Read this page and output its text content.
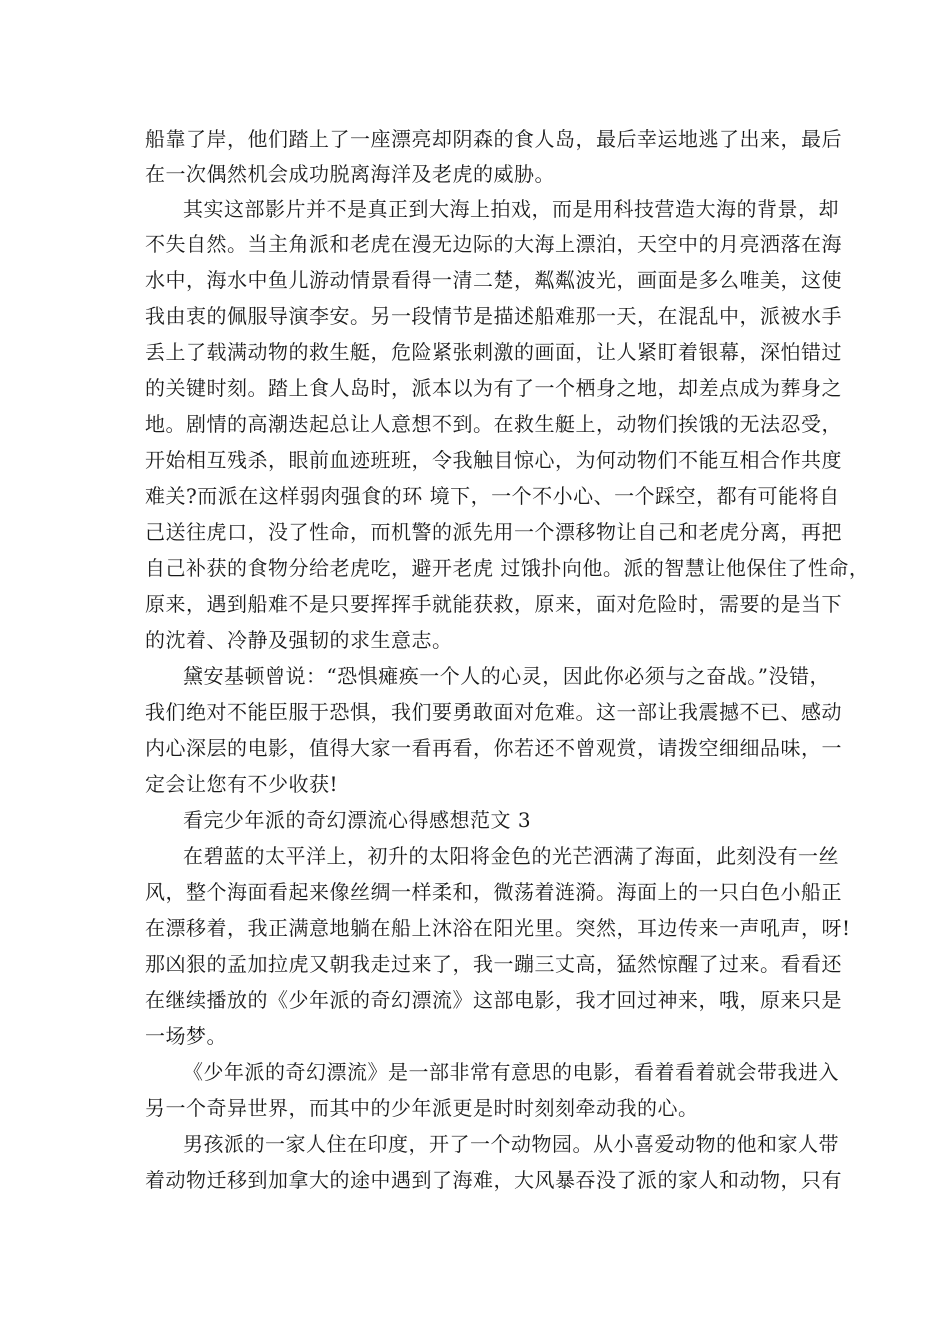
船靠了岸，他们踏上了一座漂亮却阴森的食人岛，最后幸运地逃了出来，最后
在一次偶然机会成功脱离海洋及老虎的威胁。
其实这部影片并不是真正到大海上拍戏，而是用科技营造大海的背景，却
不失自然。当主角派和老虎在漫无边际的大海上漂泊，天空中的月亮洒落在海
水中，海水中鱼儿游动情景看得一清二楚，粼粼波光，画面是多么唯美，这使
我由衷的佩服导演李安。另一段情节是描述船难那一天，在混乱中，派被水手
丢上了载满动物的救生艇，危险紧张刺激的画面，让人紧盯着银幕，深怕错过
的关键时刻。踏上食人岛时，派本以为有了一个栖身之地，却差点成为葬身之
地。剧情的高潮迭起总让人意想不到。在救生艇上，动物们挨饿的无法忍受，
开始相互残杀，眼前血迹班班，令我触目惊心，为何动物们不能互相合作共度
难关?而派在这样弱肉强食的环 境下，一个不小心、一个踩空，都有可能将自
己送往虎口，没了性命，而机警的派先用一个漂移物让自己和老虎分离，再把
自己补获的食物分给老虎吃，避开老虎 过饿扑向他。派的智慧让他保住了性命，
原来，遇到船难不是只要挥挥手就能获救，原来，面对危险时，需要的是当下
的沈着、冷静及强韧的求生意志。
黛安基顿曾说：“恐惧瘫痪一个人的心灵，因此你必须与之奋战。”没错，
我们绝对不能臣服于恐惧，我们要勇敢面对危难。这一部让我震撼不已、感动
内心深层的电影，值得大家一看再看，你若还不曾观赏，请拨空细细品味，一
定会让您有不少收获!
看完少年派的奇幻漂流心得感想范文 3
在碧蓝的太平洋上，初升的太阳将金色的光芒洒满了海面，此刻没有一丝
风，整个海面看起来像丝绸一样柔和，微荡着涟漪。海面上的一只白色小船正
在漂移着，我正满意地躺在船上沐浴在阳光里。突然，耳边传来一声吼声，呀!
那凶狠的孟加拉虎又朝我走过来了，我一蹦三丈高，猛然惊醒了过来。看看还
在继续播放的《少年派的奇幻漂流》这部电影，我才回过神来，哦，原来只是
一场梦。
《少年派的奇幻漂流》是一部非常有意思的电影，看着看着就会带我进入
另一个奇异世界，而其中的少年派更是时时刻刻牵动我的心。
男孩派的一家人住在印度，开了一个动物园。从小喜爱动物的他和家人带
着动物迁移到加拿大的途中遇到了海难，大风暴吞没了派的家人和动物，只有
